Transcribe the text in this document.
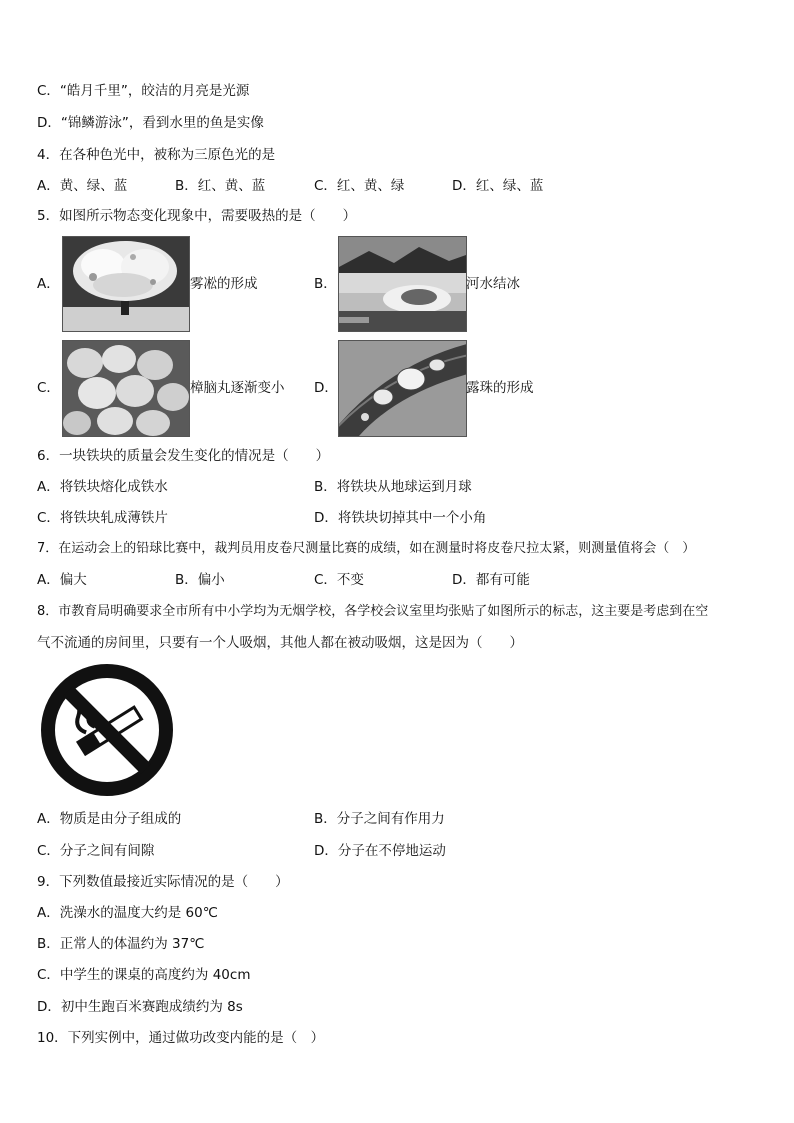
C．“皓月千里”，皎洁的月亮是光源
D．“锦鳞游泳”，看到水里的鱼是实像
4．在各种色光中，被称为三原色光的是
A．黄、绿、蓝	B．红、黄、蓝	C．红、黄、绿	D．红、绿、蓝
5．如图所示物态变化现象中，需要吸热的是（　　）
A．	雾凇的形成	B．	河水结冰
C．	樟脑丸逐渐变小 D．	露珠的形成
6．一块铁块的质量会发生变化的情况是（　　）
A．将铁块熔化成铁水	B．将铁块从地球运到月球
C．将铁块轧成薄铁片	D．将铁块切掉其中一个小角
7．在运动会上的铅球比赛中，裁判员用皮卷尺测量比赛的成绩，如在测量时将皮卷尺拉太紧，则测量值将会（　）
A．偏大	B．偏小	C．不变	D．都有可能
8．市教育局明确要求全市所有中小学均为无烟学校，各学校会议室里均张贴了如图所示的标志，这主要是考虑到在空
气不流通的房间里，只要有一个人吸烟，其他人都在被动吸烟，这是因为（　　）
A．物质是由分子组成的	B．分子之间有作用力
C．分子之间有间隙	D．分子在不停地运动
9．下列数值最接近实际情况的是（　　）
A．洗澡水的温度大约是 60℃
B．正常人的体温约为 37℃
C．中学生的课桌的高度约为 40cm
D．初中生跑百米赛跑成绩约为 8s
10．下列实例中，通过做功改变内能的是（　）
